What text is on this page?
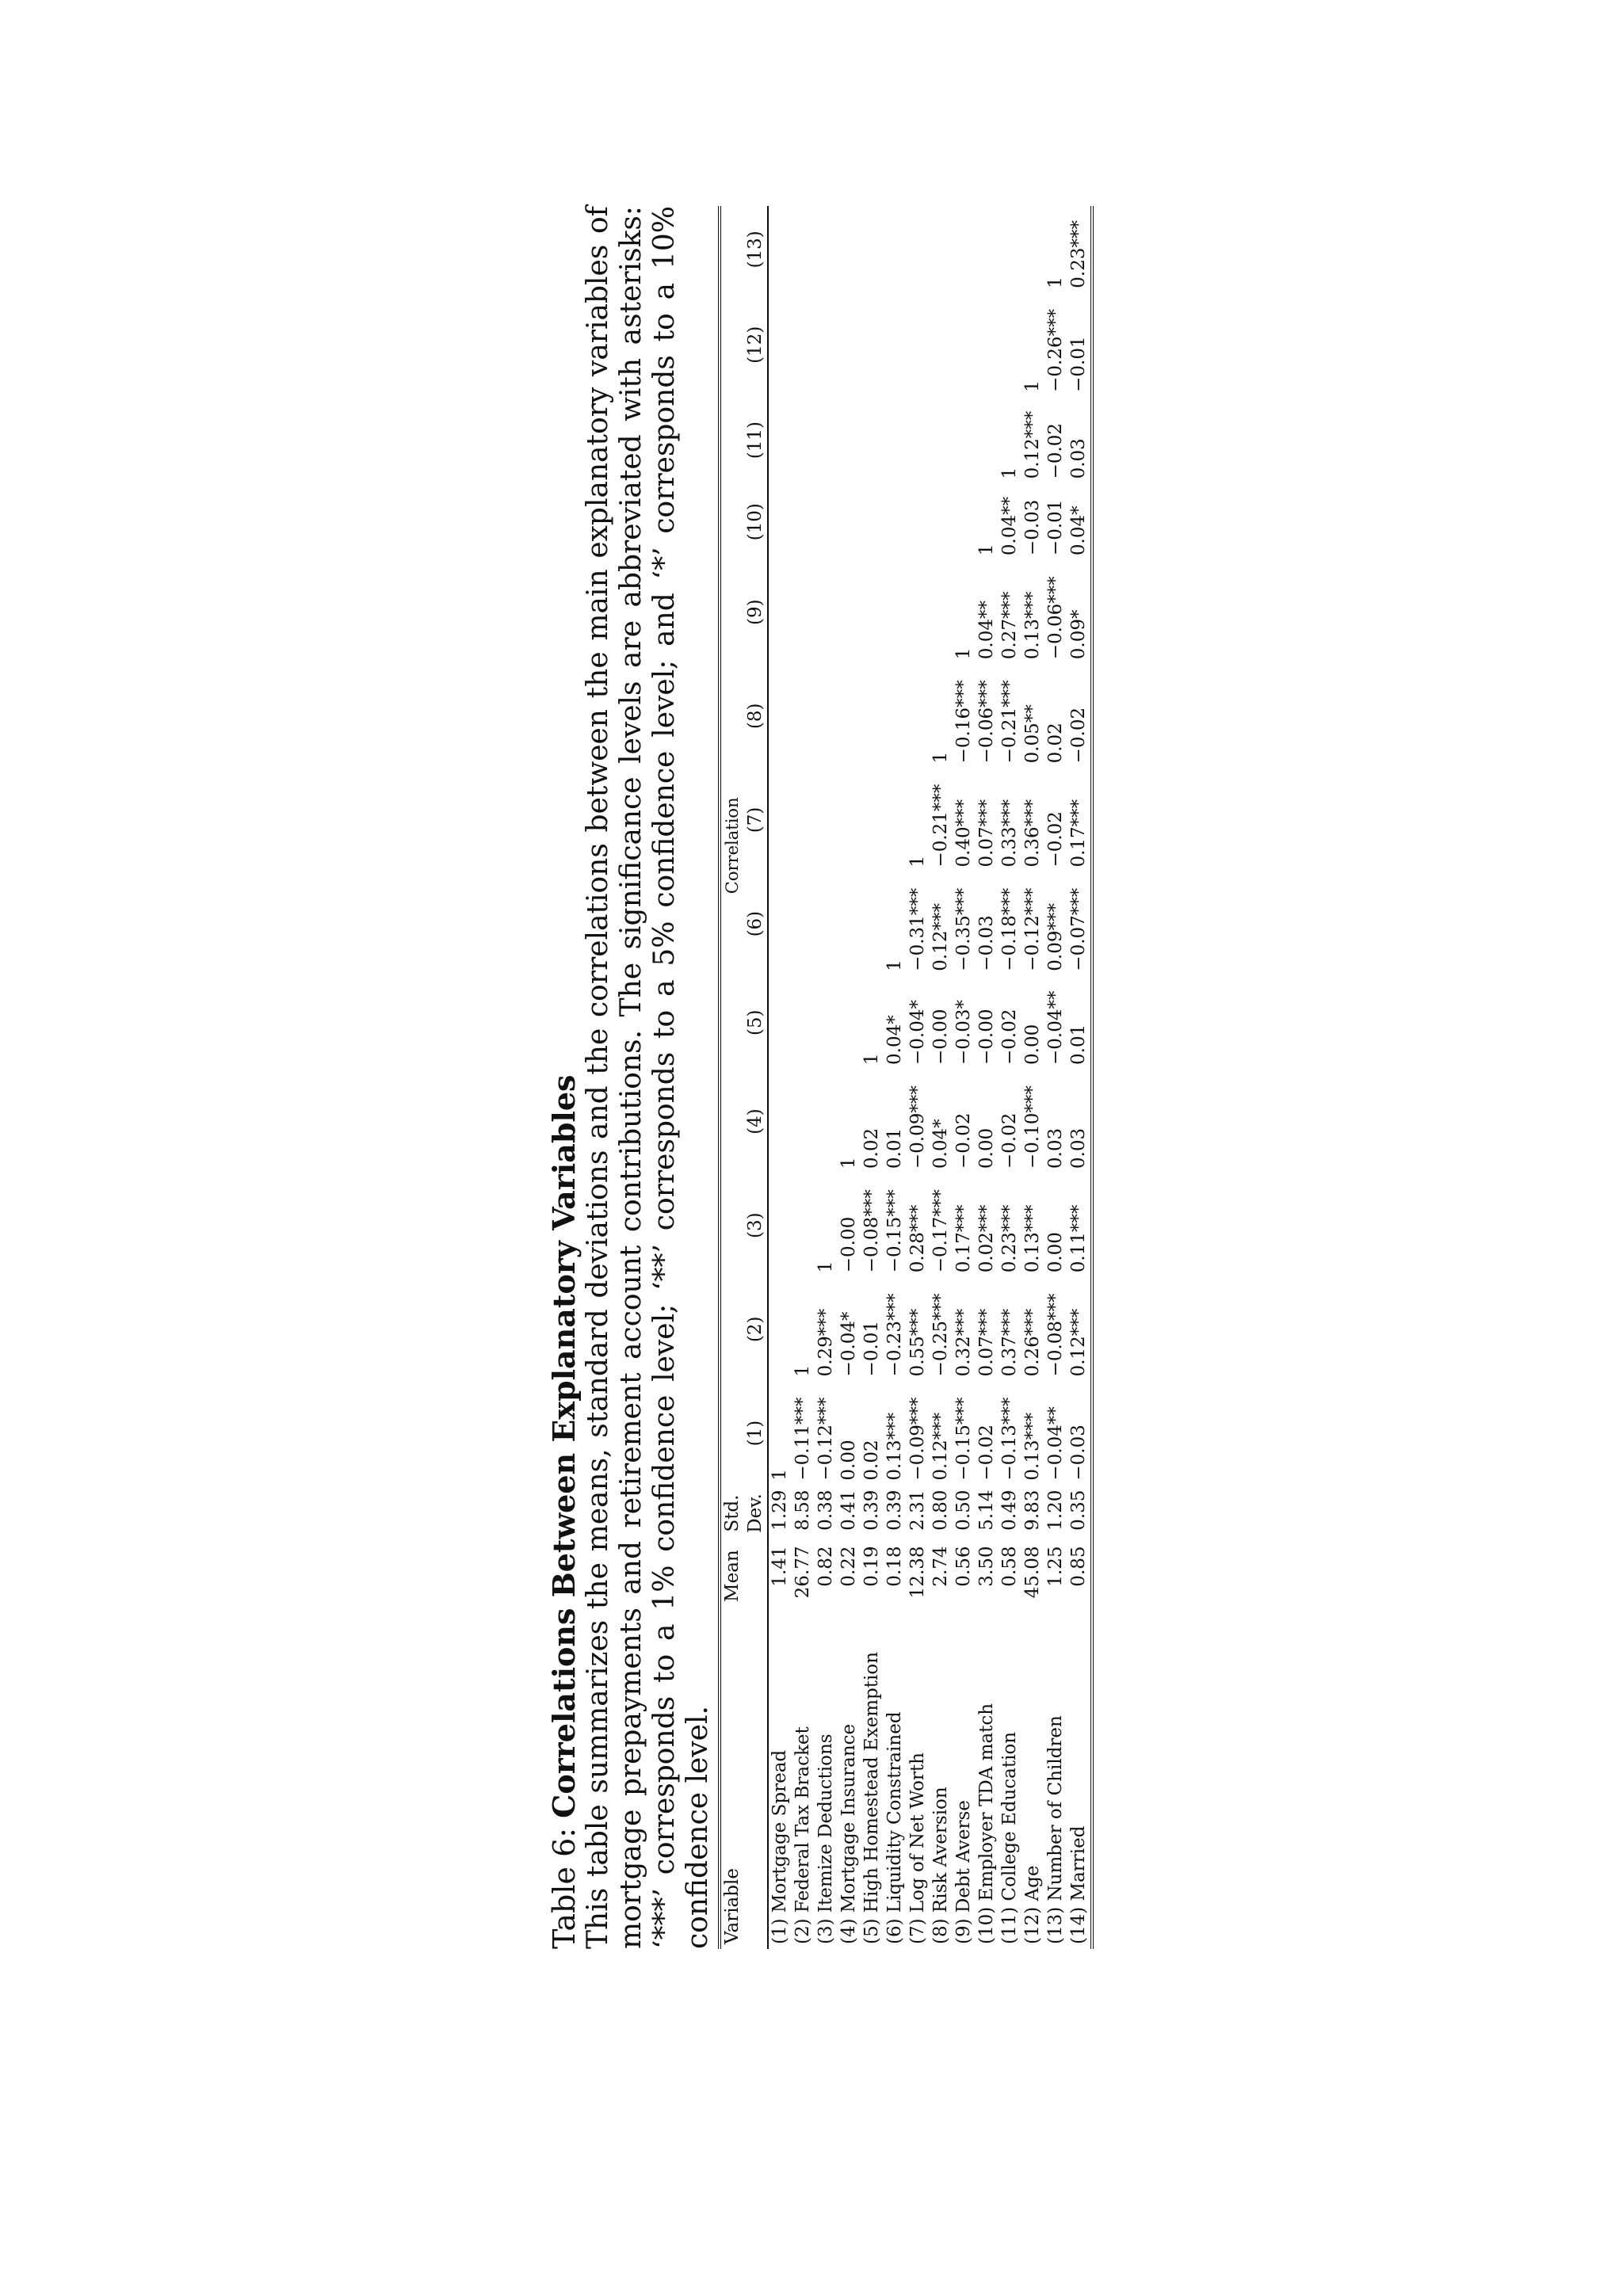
Table 6: Correlations Between Explanatory Variables This table summarizes the means, standard deviations and the correlations between the main explanatory variables of mortgage prepayments and retirement account contributions. The significance levels are abbreviated with asterisks: ‘***’ corresponds to a 1% confidence level; ‘**’ corresponds to a 5% confidence level; and ‘*’ corresponds to a 10% confidence level. Variable	Mean	Std.	Correlation												
		Dev.	(1)	(2)	(3)	(4)	(5)	(6)	(7)	(8)	(9)	(10)	(11)	(12)	(13)
(1) Mortgage Spread	1.41	1.29	1												
(2) Federal Tax Bracket	26.77	8.58	−0.11***	1											
(3) Itemize Deductions	0.82	0.38	−0.12***	0.29***	1										
(4) Mortgage Insurance	0.22	0.41	0.00	−0.04*	−0.00	1									
(5) High Homestead Exemption	0.19	0.39	0.02	−0.01	−0.08***	0.02	1								
(6) Liquidity Constrained	0.18	0.39	0.13***	−0.23***	−0.15***	0.01	0.04*	1							
(7) Log of Net Worth	12.38	2.31	−0.09***	0.55***	0.28***	−0.09***	−0.04*	−0.31***	1						
(8) Risk Aversion	2.74	0.80	0.12***	−0.25***	−0.17***	0.04*	−0.00	0.12***	−0.21***	1					
(9) Debt Averse	0.56	0.50	−0.15***	0.32***	0.17***	−0.02	−0.03*	−0.35***	0.40***	−0.16***	1				
(10) Employer TDA match	3.50	5.14	−0.02	0.07***	0.02***	0.00	−0.00	−0.03	0.07***	−0.06***	0.04**	1			
(11) College Education	0.58	0.49	−0.13***	0.37***	0.23***	−0.02	−0.02	−0.18***	0.33***	−0.21***	0.27***	0.04**	1		
(12) Age	45.08	9.83	0.13***	0.26***	0.13***	−0.10***	0.00	−0.12***	0.36***	0.05**	0.13***	−0.03	0.12***	1	
(13) Number of Children	1.25	1.20	−0.04**	−0.08***	0.00	0.03	−0.04**	0.09***	−0.02	0.02	−0.06***	−0.01	−0.02	−0.26***	1
(14) Married	0.85	0.35	−0.03	0.12***	0.11***	0.03	0.01	−0.07***	0.17***	−0.02	0.09*	0.04*	0.03	−0.01	0.23***
